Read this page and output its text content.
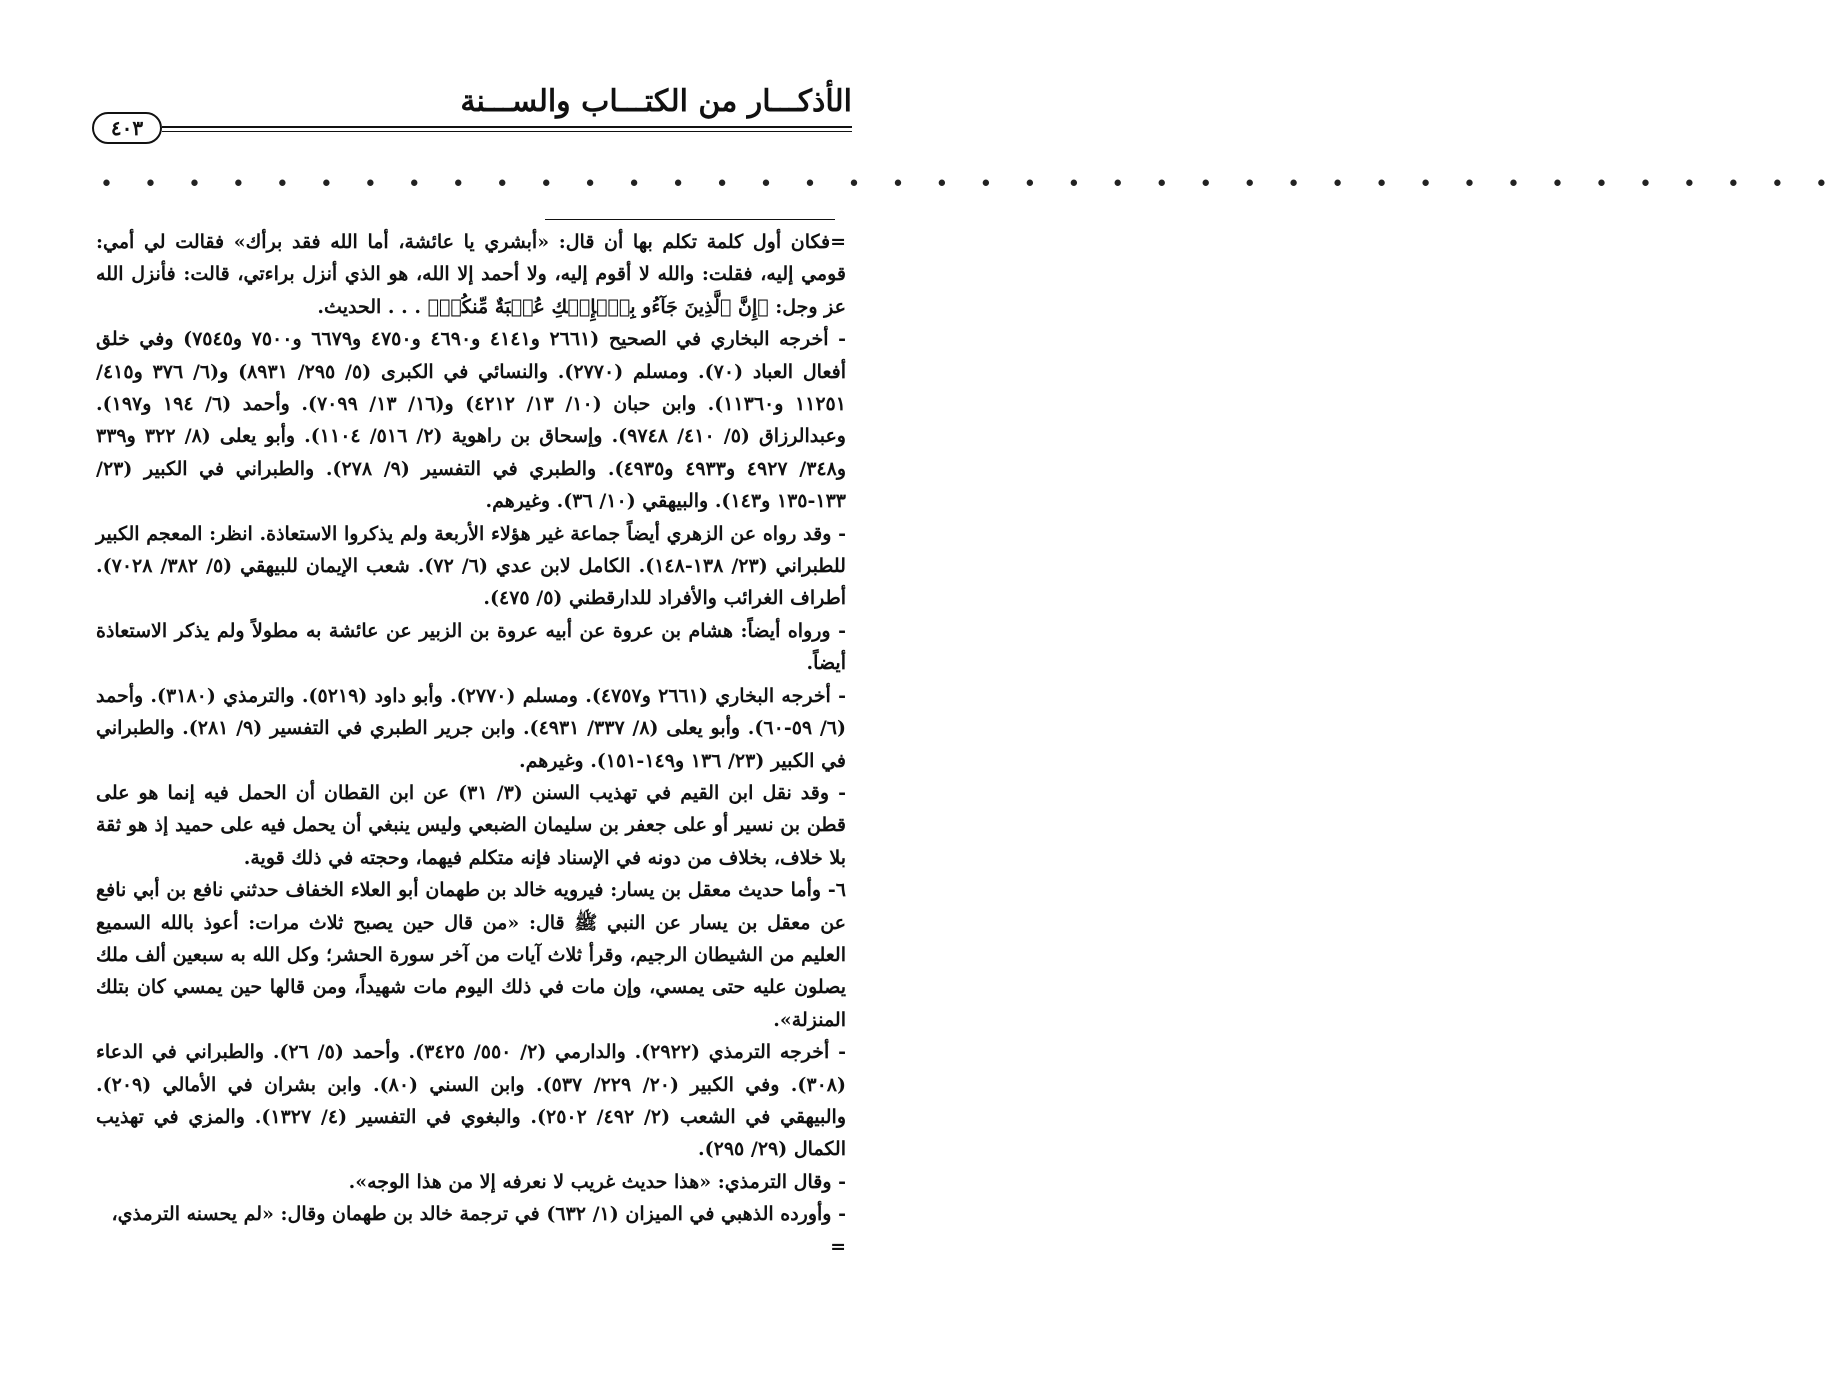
الأذكـــار من الكتـــاب والســـنة
٤٠٣
• • • • • • • • • • • • • • • • • • • • • • • • • • • • • • • • • • • • • • • •

=فكان أول كلمة تكلم بها أن قال: «أبشري يا عائشة، أما الله فقد برأك» فقالت لي أمي: قومي إليه، فقلت: والله لا أقوم إليه، ولا أحمد إلا الله، هو الذي أنزل براءتي، قالت: فأنزل الله عز وجل: ﴿إِنَّ ٱلَّذِينَ جَآءُو بِٱلۡإِفۡكِ عُصۡبَةٌ مِّنكُمۡ﴾ . . . الحديث.

- أخرجه البخاري في الصحيح (٢٦٦١ و٤١٤١ و٤٦٩٠ و٤٧٥٠ و٦٦٧٩ و٧٥٠٠ و٧٥٤٥) وفي خلق أفعال العباد (٧٠). ومسلم (٢٧٧٠). والنسائي في الكبرى (٥/ ٢٩٥/ ٨٩٣١) و(٦/ ٣٧٦ و٤١٥/ ١١٢٥١ و١١٣٦٠). وابن حبان (١٠/ ١٣/ ٤٢١٢) و(١٦/ ١٣/ ٧٠٩٩). وأحمد (٦/ ١٩٤ و١٩٧). وعبدالرزاق (٥/ ٤١٠/ ٩٧٤٨). وإسحاق بن راهوية (٢/ ٥١٦/ ١١٠٤). وأبو يعلى (٨/ ٣٢٢ و٣٣٩ و٣٤٨/ ٤٩٢٧ و٤٩٣٣ و٤٩٣٥). والطبري في التفسير (٩/ ٢٧٨). والطبراني في الكبير (٢٣/ ١٣٣-١٣٥ و١٤٣). والبيهقي (١٠/ ٣٦). وغيرهم.

- وقد رواه عن الزهري أيضاً جماعة غير هؤلاء الأربعة ولم يذكروا الاستعاذة. انظر: المعجم الكبير للطبراني (٢٣/ ١٣٨-١٤٨). الكامل لابن عدي (٦/ ٧٢). شعب الإيمان للبيهقي (٥/ ٣٨٢/ ٧٠٢٨). أطراف الغرائب والأفراد للدارقطني (٥/ ٤٧٥).

- ورواه أيضاً: هشام بن عروة عن أبيه عروة بن الزبير عن عائشة به مطولاً ولم يذكر الاستعاذة أيضاً.

- أخرجه البخاري (٢٦٦١ و٤٧٥٧). ومسلم (٢٧٧٠). وأبو داود (٥٢١٩). والترمذي (٣١٨٠). وأحمد (٦/ ٥٩-٦٠). وأبو يعلى (٨/ ٣٣٧/ ٤٩٣١). وابن جرير الطبري في التفسير (٩/ ٢٨١). والطبراني في الكبير (٢٣/ ١٣٦ و١٤٩-١٥١). وغيرهم.

- وقد نقل ابن القيم في تهذيب السنن (٣/ ٣١) عن ابن القطان أن الحمل فيه إنما هو على قطن بن نسير أو على جعفر بن سليمان الضبعي وليس ينبغي أن يحمل فيه على حميد إذ هو ثقة بلا خلاف، بخلاف من دونه في الإسناد فإنه متكلم فيهما، وحجته في ذلك قوية.

٦- وأما حديث معقل بن يسار: فيرويه خالد بن طهمان أبو العلاء الخفاف حدثني نافع بن أبي نافع عن معقل بن يسار عن النبي ﷺ قال: «من قال حين يصبح ثلاث مرات: أعوذ بالله السميع العليم من الشيطان الرجيم، وقرأ ثلاث آيات من آخر سورة الحشر؛ وكل الله به سبعين ألف ملك يصلون عليه حتى يمسي، وإن مات في ذلك اليوم مات شهيداً، ومن قالها حين يمسي كان بتلك المنزلة».

- أخرجه الترمذي (٢٩٢٢). والدارمي (٢/ ٥٥٠/ ٣٤٢٥). وأحمد (٥/ ٢٦). والطبراني في الدعاء (٣٠٨). وفي الكبير (٢٠/ ٢٢٩/ ٥٣٧). وابن السني (٨٠). وابن بشران في الأمالي (٢٠٩). والبيهقي في الشعب (٢/ ٤٩٢/ ٢٥٠٢). والبغوي في التفسير (٤/ ١٣٢٧). والمزي في تهذيب الكمال (٢٩/ ٢٩٥).

- وقال الترمذي: «هذا حديث غريب لا نعرفه إلا من هذا الوجه».

- وأورده الذهبي في الميزان (١/ ٦٣٢) في ترجمة خالد بن طهمان وقال: «لم يحسنه الترمذي، =
